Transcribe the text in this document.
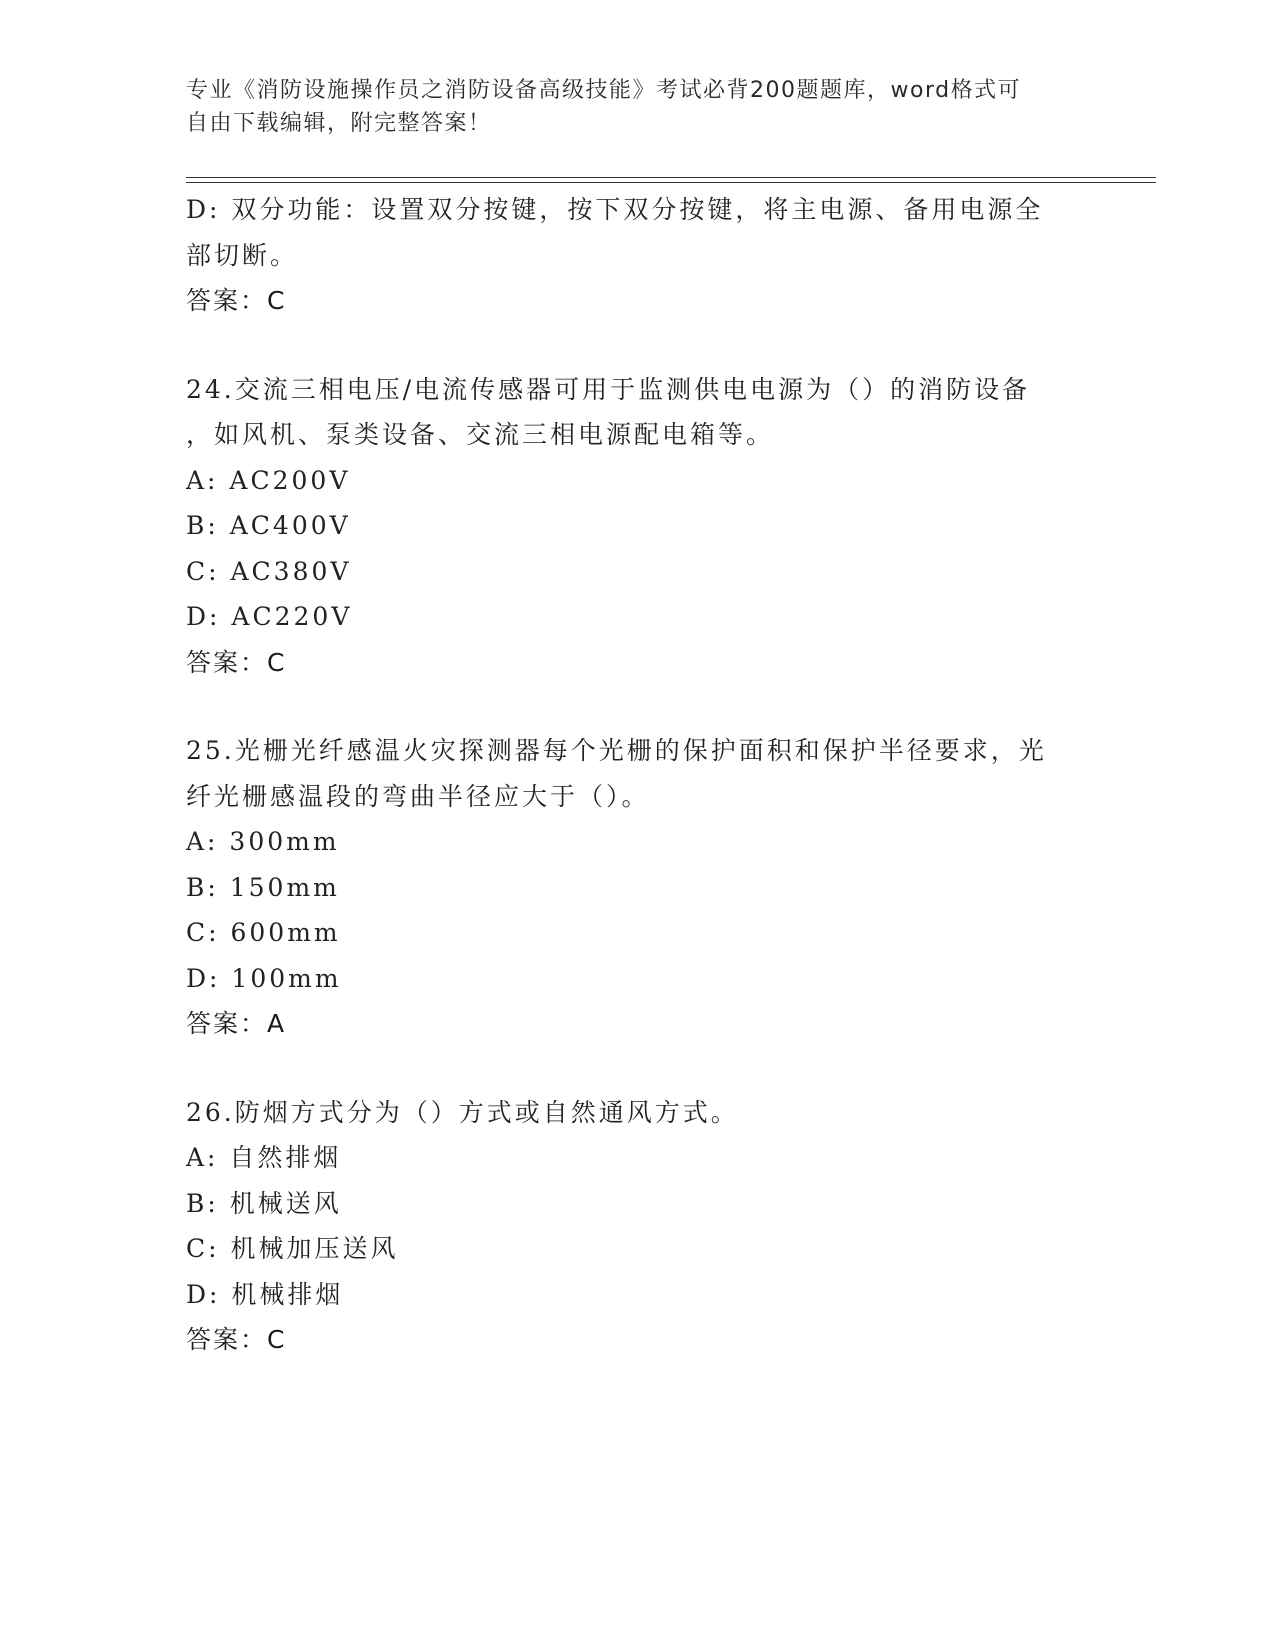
专业《消防设施操作员之消防设备高级技能》考试必背200题题库，word格式可
自由下载编辑，附完整答案！
D: 双分功能：设置双分按键，按下双分按键，将主电源、备用电源全
部切断。
答案：C
24.交流三相电压/电流传感器可用于监测供电电源为（）的消防设备
，如风机、泵类设备、交流三相电源配电箱等。
A: AC200V
B: AC400V
C: AC380V
D: AC220V
答案：C
25.光栅光纤感温火灾探测器每个光栅的保护面积和保护半径要求，光
纤光栅感温段的弯曲半径应大于（）。
A: 300mm
B: 150mm
C: 600mm
D: 100mm
答案：A
26.防烟方式分为（）方式或自然通风方式。
A: 自然排烟
B: 机械送风
C: 机械加压送风
D: 机械排烟
答案：C
